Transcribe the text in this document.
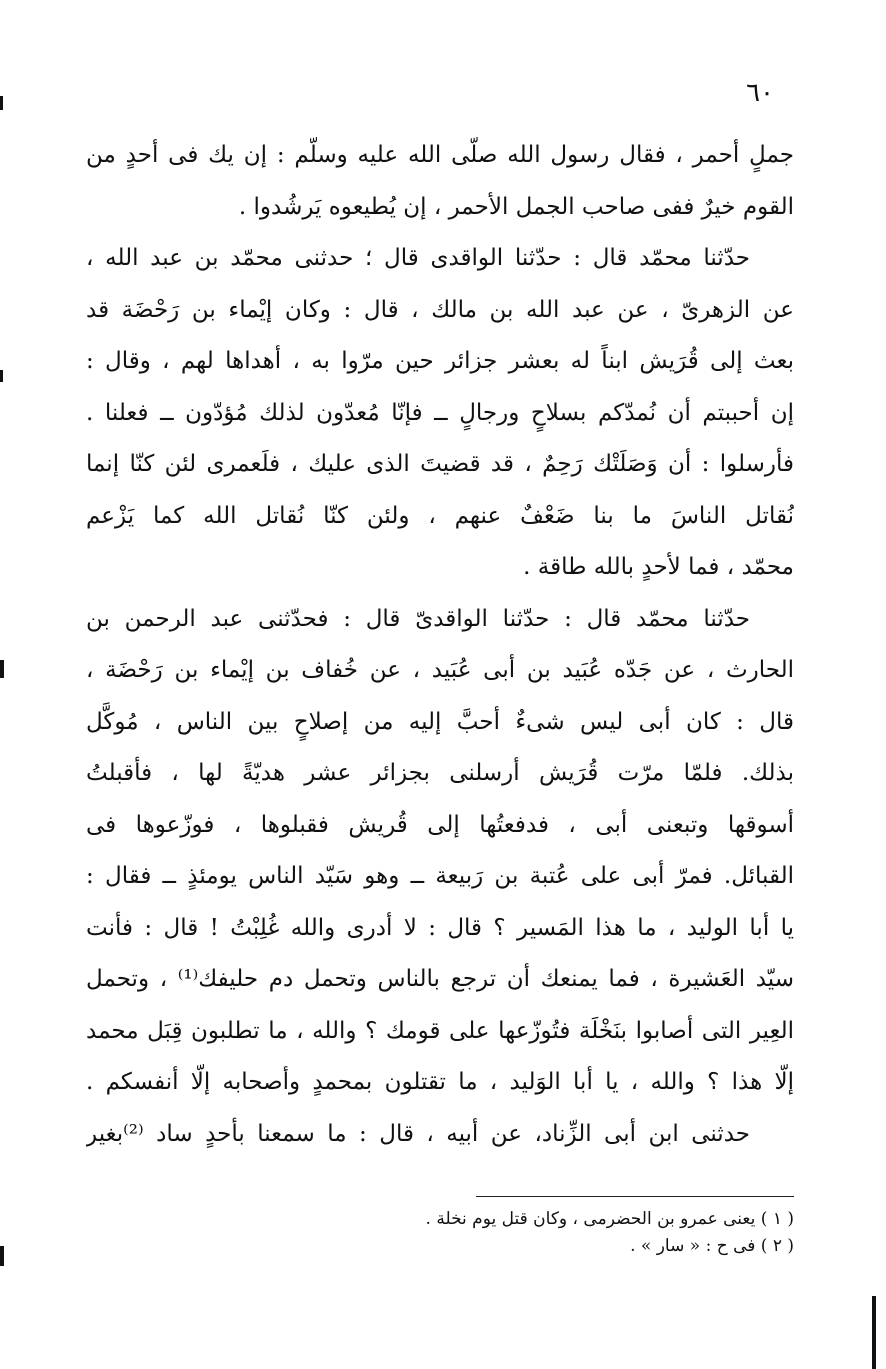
٦٠
جملٍ أحمر ، فقال رسول الله صلّى الله عليه وسلّم : إن يك فى أحدٍ من
القوم خيرٌ ففى صاحب الجمل الأحمر ، إن يُطيعوه يَرشُدوا .
حدّثنا محمّد قال : حدّثنا الواقدى قال ؛ حدثنى محمّد بن عبد الله ،
عن الزهرىّ ، عن عبد الله بن مالك ، قال : وكان إيْماء بن رَحْضَة قد
بعث إلى قُرَيش ابناً له بعشر جزائر حين مرّوا به ، أهداها لهم ، وقال :
إن أحببتم أن نُمدّكم بسلاحٍ ورجالٍ ــ فإنّا مُعدّون لذلك مُؤدّون ــ فعلنا .
فأرسلوا : أن وَصَلَتْك رَحِمٌ ، قد قضيتَ الذى عليك ، فلَعمرى لئن كنّا إنما
نُقاتل الناسَ ما بنا ضَعْفٌ عنهم ، ولئن كنّا نُقاتل الله كما يَزْعم
محمّد ، فما لأحدٍ بالله طاقة .
حدّثنا محمّد قال : حدّثنا الواقدىّ قال : فحدّثنى عبد الرحمن بن
الحارث ، عن جَدّه عُبَيد بن أبى عُبَيد ، عن خُفاف بن إيْماء بن رَحْضَة ،
قال : كان أبى ليس شىءٌ أحبَّ إليه من إصلاحٍ بين الناس ، مُوكَّل
بذلك. فلمّا مرّت قُرَيش أرسلنى بجزائر عشر هديّةً لها ، فأقبلتُ
أسوقها وتبعنى أبى ، فدفعتُها إلى قُريش فقبلوها ، فوزّعوها فى
القبائل. فمرّ أبى على عُتبة بن رَبيعة ــ وهو سَيّد الناس يومئذٍ ــ فقال :
يا أبا الوليد ، ما هذا المَسير ؟ قال : لا أدرى والله غُلِبْتُ ! قال : فأنت
سيّد العَشيرة ، فما يمنعك أن ترجع بالناس وتحمل دم حليفك⁽¹⁾ ، وتحمل
العِير التى أصابوا بنَخْلَة فتُوزّعها على قومك ؟ والله ، ما تطلبون قِبَل محمد
إلّا هذا ؟ والله ، يا أبا الوَليد ، ما تقتلون بمحمدٍ وأصحابه إلّا أنفسكم .
حدثنى ابن أبى الزِّناد، عن أبيه ، قال : ما سمعنا بأحدٍ ساد ⁽²⁾بغير
( ١ ) يعنى عمرو بن الحضرمى ، وكان قتل يوم نخلة .
( ٢ ) فى ح : « سار » .
